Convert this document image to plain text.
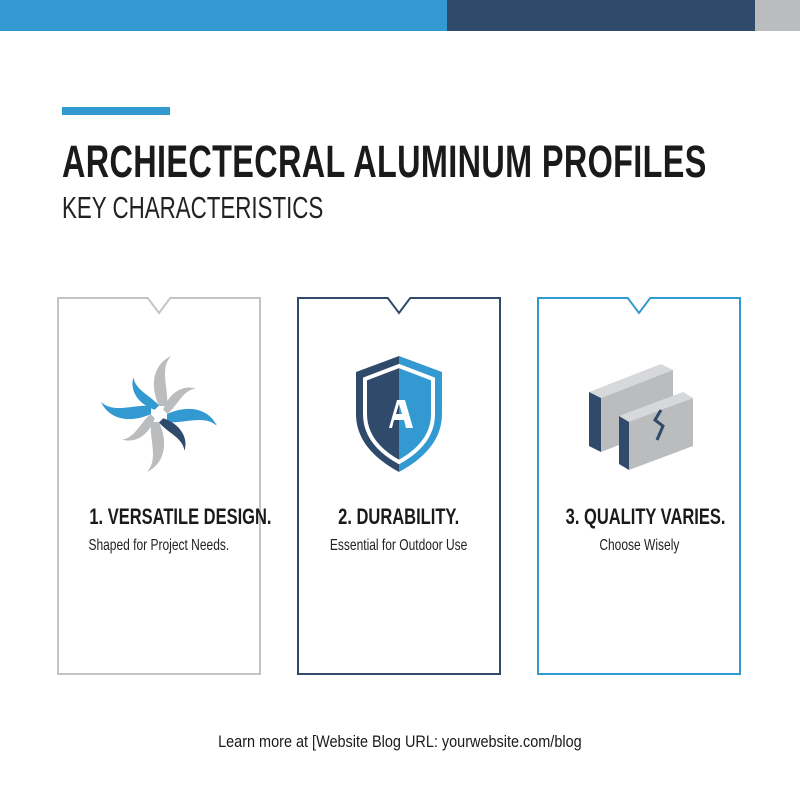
ARCHIECTECRAL ALUMINUM PROFILES
KEY CHARACTERISTICS
1. VERSATILE DESIGN.
Shaped for Project Needs.
2. DURABILITY.
Essential for Outdoor Use
3. QUALITY VARIES.
Choose Wisely
Learn more at [Website Blog URL: yourwebsite.com/blog
